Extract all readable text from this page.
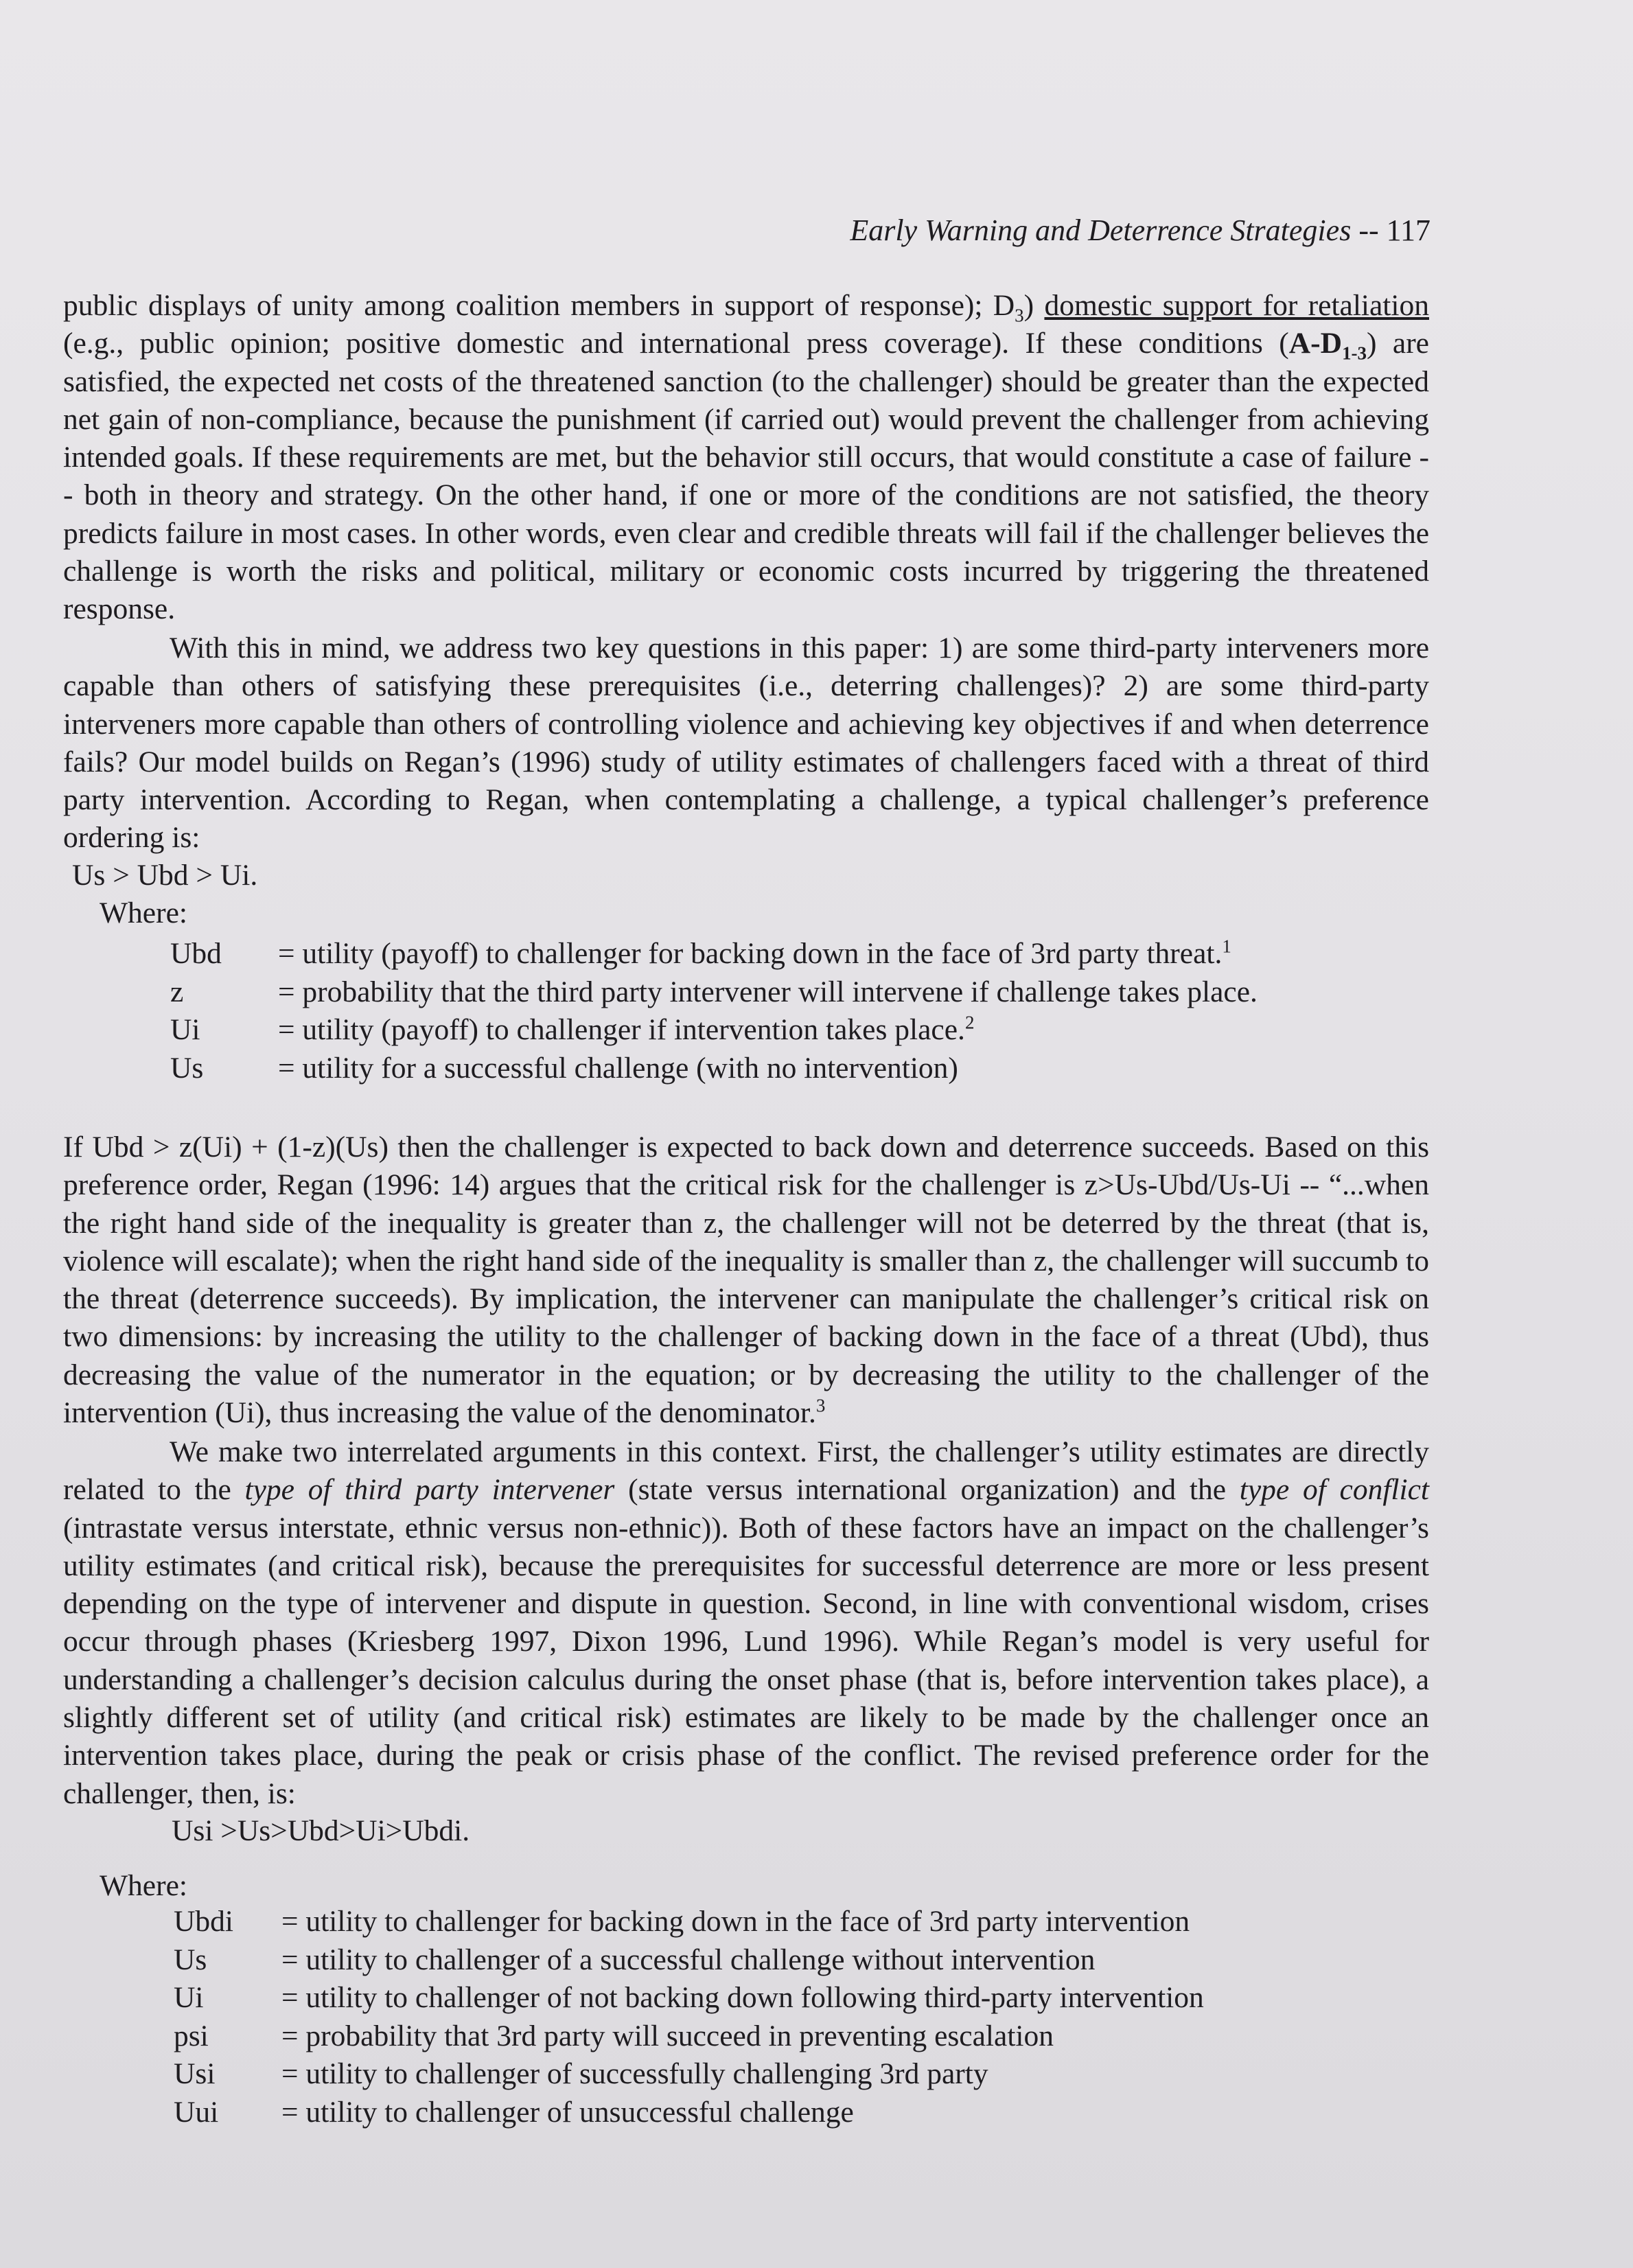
Early Warning and Deterrence Strategies -- 117

public displays of unity among coalition members in support of response); $D_3$) domestic support for retaliation (e.g., public opinion; positive domestic and international press coverage). If these conditions $(A-D_{1-3})$ are satisfied, the expected net costs of the threatened sanction (to the challenger) should be greater than the expected net gain of non-compliance, because the punishment (if carried out) would prevent the challenger from achieving intended goals. If these requirements are met, but the behavior still occurs, that would constitute a case of failure -- both in theory and strategy. On the other hand, if one or more of the conditions are not satisfied, the theory predicts failure in most cases. In other words, even clear and credible threats will fail if the challenger believes the challenge is worth the risks and political, military or economic costs incurred by triggering the threatened response.

With this in mind, we address two key questions in this paper: 1) are some third-party interveners more capable than others of satisfying these prerequisites (i.e., deterring challenges)? 2) are some third-party interveners more capable than others of controlling violence and achieving key objectives if and when deterrence fails? Our model builds on Regan’s (1996) study of utility estimates of challengers faced with a threat of third party intervention. According to Regan, when contemplating a challenge, a typical challenger’s preference ordering is:

Us > Ubd > Ui.
Where:
Ubd = utility (payoff) to challenger for backing down in the face of 3rd party threat.$^1$
z	= probability that the third party intervener will intervene if challenge takes place.
Ui	= utility (payoff) to challenger if intervention takes place.$^2$
Us = utility for a successful challenge (with no intervention)

If Ubd > z(Ui) + (1-z)(Us) then the challenger is expected to back down and deterrence succeeds. Based on this preference order, Regan (1996: 14) argues that the critical risk for the challenger is z>Us-Ubd/Us-Ui -- “...when the right hand side of the inequality is greater than z, the challenger will not be deterred by the threat (that is, violence will escalate); when the right hand side of the inequality is smaller than z, the challenger will succumb to the threat (deterrence succeeds). By implication, the intervener can manipulate the challenger’s critical risk on two dimensions: by increasing the utility to the challenger of backing down in the face of a threat (Ubd), thus decreasing the value of the numerator in the equation; or by decreasing the utility to the challenger of the intervention (Ui), thus increasing the value of the denominator.$^3$

We make two interrelated arguments in this context. First, the challenger’s utility estimates are directly related to the type of third party intervener (state versus international organization) and the type of conflict (intrastate versus interstate, ethnic versus non-ethnic)). Both of these factors have an impact on the challenger’s utility estimates (and critical risk), because the prerequisites for successful deterrence are more or less present depending on the type of intervener and dispute in question. Second, in line with conventional wisdom, crises occur through phases (Kriesberg 1997, Dixon 1996, Lund 1996). While Regan’s model is very useful for understanding a challenger’s decision calculus during the onset phase (that is, before intervention takes place), a slightly different set of utility (and critical risk) estimates are likely to be made by the challenger once an intervention takes place, during the peak or crisis phase of the conflict. The revised preference order for the challenger, then, is:

Usi >Us>Ubd>Ui>Ubdi.
Where:
Ubdi = utility to challenger for backing down in the face of 3rd party intervention
Us = utility to challenger of a successful challenge without intervention
Ui	= utility to challenger of not backing down following third-party intervention
psi = probability that 3rd party will succeed in preventing escalation
Usi = utility to challenger of successfully challenging 3rd party
Uui = utility to challenger of unsuccessful challenge
